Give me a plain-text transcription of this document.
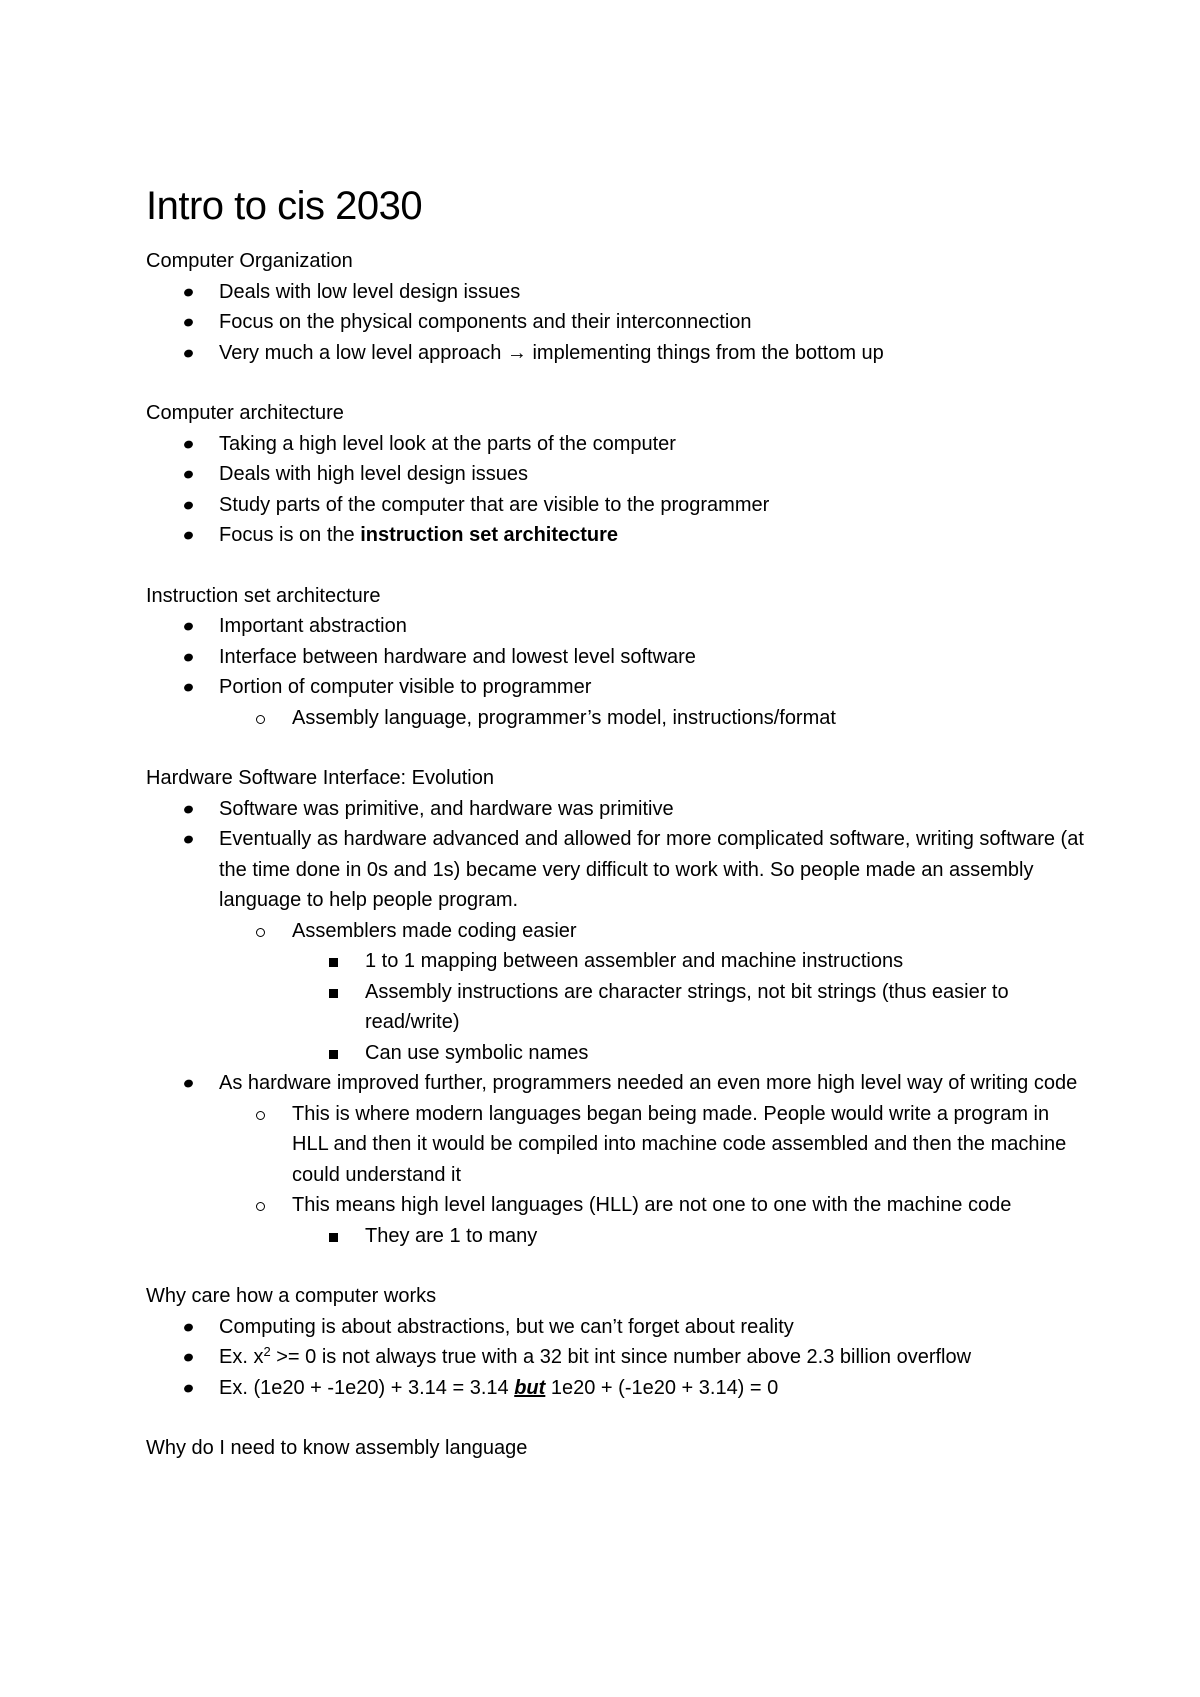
Intro to cis 2030

Computer Organization

Deals with low level design issues
Focus on the physical components and their interconnection
Very much a low level approach → implementing things from the bottom up

Computer architecture

Taking a high level look at the parts of the computer
Deals with high level design issues
Study parts of the computer that are visible to the programmer
Focus is on the instruction set architecture

Instruction set architecture

Important abstraction
Interface between hardware and lowest level software
Portion of computer visible to programmer
Assembly language, programmer’s model, instructions/format

Hardware Software Interface: Evolution

Software was primitive, and hardware was primitive
Eventually as hardware advanced and allowed for more complicated software, writing software (at the time done in 0s and 1s) became very difficult to work with. So people made an assembly language to help people program.
Assemblers made coding easier
1 to 1 mapping between assembler and machine instructions
Assembly instructions are character strings, not bit strings (thus easier to read/write)
Can use symbolic names
As hardware improved further, programmers needed an even more high level way of writing code
This is where modern languages began being made. People would write a program in HLL and then it would be compiled into machine code assembled and then the machine could understand it
This means high level languages (HLL) are not one to one with the machine code
They are 1 to many

Why care how a computer works

Computing is about abstractions, but we can’t forget about reality
Ex. $x^2 >= 0$ is not always true with a 32 bit int since number above 2.3 billion overflow
Ex. (1e20 + -1e20) + 3.14 = 3.14 but 1e20 + (-1e20 + 3.14) = 0

Why do I need to know assembly language
